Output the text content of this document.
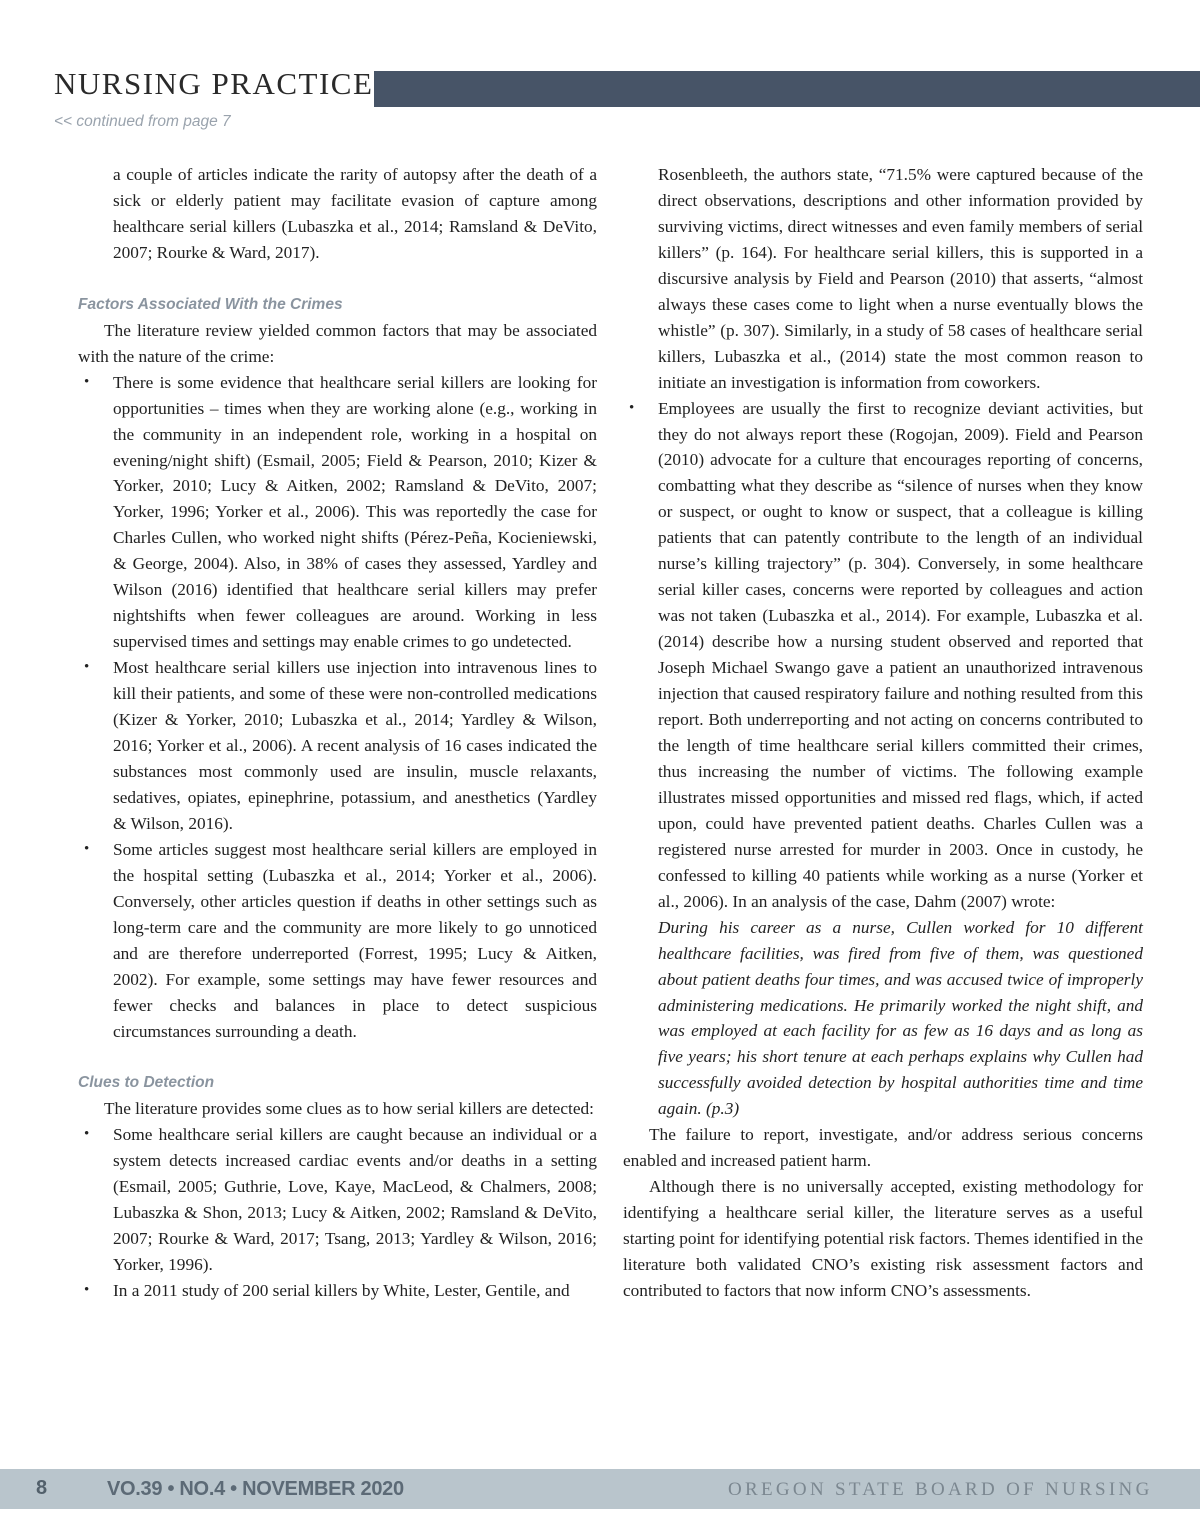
NURSING PRACTICE
<< continued from page 7

a couple of articles indicate the rarity of autopsy after the death of a sick or elderly patient may facilitate evasion of capture among healthcare serial killers (Lubaszka et al., 2014; Ramsland & DeVito, 2007; Rourke & Ward, 2017).

Factors Associated With the Crimes

The literature review yielded common factors that may be associated with the nature of the crime:

• There is some evidence that healthcare serial killers are looking for opportunities – times when they are working alone (e.g., working in the community in an independent role, working in a hospital on evening/night shift) (Esmail, 2005; Field & Pearson, 2010; Kizer & Yorker, 2010; Lucy & Aitken, 2002; Ramsland & DeVito, 2007; Yorker, 1996; Yorker et al., 2006). This was reportedly the case for Charles Cullen, who worked night shifts (Pérez-Peña, Kocieniewski, & George, 2004). Also, in 38% of cases they assessed, Yardley and Wilson (2016) identified that healthcare serial killers may prefer nightshifts when fewer colleagues are around. Working in less supervised times and settings may enable crimes to go undetected.

• Most healthcare serial killers use injection into intravenous lines to kill their patients, and some of these were non-controlled medications (Kizer & Yorker, 2010; Lubaszka et al., 2014; Yardley & Wilson, 2016; Yorker et al., 2006). A recent analysis of 16 cases indicated the substances most commonly used are insulin, muscle relaxants, sedatives, opiates, epinephrine, potassium, and anesthetics (Yardley & Wilson, 2016).

• Some articles suggest most healthcare serial killers are employed in the hospital setting (Lubaszka et al., 2014; Yorker et al., 2006). Conversely, other articles question if deaths in other settings such as long-term care and the community are more likely to go unnoticed and are therefore underreported (Forrest, 1995; Lucy & Aitken, 2002). For example, some settings may have fewer resources and fewer checks and balances in place to detect suspicious circumstances surrounding a death.

Clues to Detection

The literature provides some clues as to how serial killers are detected:

• Some healthcare serial killers are caught because an individual or a system detects increased cardiac events and/or deaths in a setting (Esmail, 2005; Guthrie, Love, Kaye, MacLeod, & Chalmers, 2008; Lubaszka & Shon, 2013; Lucy & Aitken, 2002; Ramsland & DeVito, 2007; Rourke & Ward, 2017; Tsang, 2013; Yardley & Wilson, 2016; Yorker, 1996).

• In a 2011 study of 200 serial killers by White, Lester, Gentile, and

Rosenbleeth, the authors state, “71.5% were captured because of the direct observations, descriptions and other information provided by surviving victims, direct witnesses and even family members of serial killers” (p. 164). For healthcare serial killers, this is supported in a discursive analysis by Field and Pearson (2010) that asserts, “almost always these cases come to light when a nurse eventually blows the whistle” (p. 307). Similarly, in a study of 58 cases of healthcare serial killers, Lubaszka et al., (2014) state the most common reason to initiate an investigation is information from coworkers.

• Employees are usually the first to recognize deviant activities, but they do not always report these (Rogojan, 2009). Field and Pearson (2010) advocate for a culture that encourages reporting of concerns, combatting what they describe as “silence of nurses when they know or suspect, or ought to know or suspect, that a colleague is killing patients that can patently contribute to the length of an individual nurse’s killing trajectory” (p. 304). Conversely, in some healthcare serial killer cases, concerns were reported by colleagues and action was not taken (Lubaszka et al., 2014). For example, Lubaszka et al. (2014) describe how a nursing student observed and reported that Joseph Michael Swango gave a patient an unauthorized intravenous injection that caused respiratory failure and nothing resulted from this report. Both underreporting and not acting on concerns contributed to the length of time healthcare serial killers committed their crimes, thus increasing the number of victims. The following example illustrates missed opportunities and missed red flags, which, if acted upon, could have prevented patient deaths. Charles Cullen was a registered nurse arrested for murder in 2003. Once in custody, he confessed to killing 40 patients while working as a nurse (Yorker et al., 2006). In an analysis of the case, Dahm (2007) wrote:

During his career as a nurse, Cullen worked for 10 different healthcare facilities, was fired from five of them, was questioned about patient deaths four times, and was accused twice of improperly administering medications. He primarily worked the night shift, and was employed at each facility for as few as 16 days and as long as five years; his short tenure at each perhaps explains why Cullen had successfully avoided detection by hospital authorities time and time again. (p.3)

The failure to report, investigate, and/or address serious concerns enabled and increased patient harm.

Although there is no universally accepted, existing methodology for identifying a healthcare serial killer, the literature serves as a useful starting point for identifying potential risk factors. Themes identified in the literature both validated CNO’s existing risk assessment factors and contributed to factors that now inform CNO’s assessments.

8	VO.39 • NO.4 • NOVEMBER 2020	OREGON STATE BOARD OF NURSING
